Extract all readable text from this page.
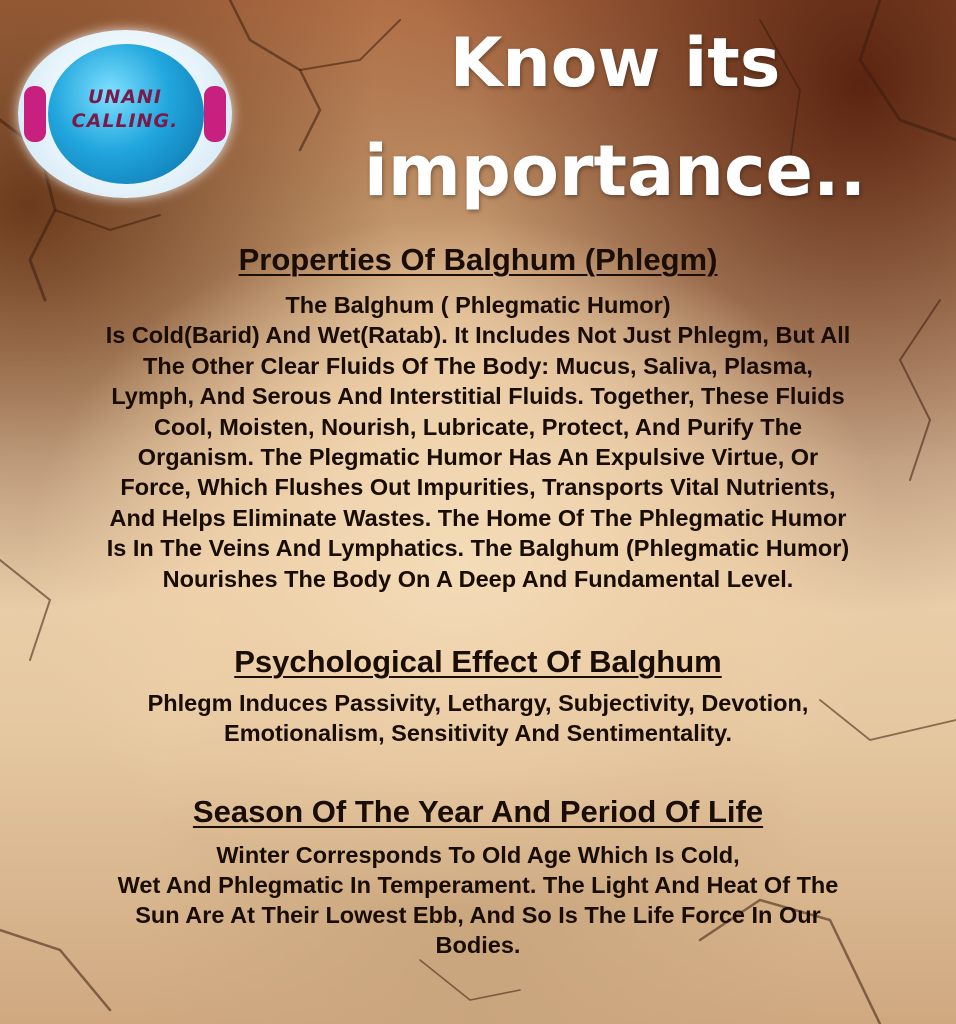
UNANI
CALLING.
Know its
importance..
Properties Of Balghum (Phlegm)
The Balghum ( Phlegmatic Humor)
Is Cold(Barid) And Wet(Ratab). It Includes Not Just Phlegm, But All
The Other Clear Fluids Of The Body: Mucus, Saliva, Plasma,
Lymph, And Serous And Interstitial Fluids. Together, These Fluids
Cool, Moisten, Nourish, Lubricate, Protect, And Purify The
Organism. The Plegmatic Humor Has An Expulsive Virtue, Or
Force, Which Flushes Out Impurities, Transports Vital Nutrients,
And Helps Eliminate Wastes. The Home Of The Phlegmatic Humor
Is In The Veins And Lymphatics. The Balghum (Phlegmatic Humor)
Nourishes The Body On A Deep And Fundamental Level.
Psychological Effect Of Balghum
Phlegm Induces Passivity, Lethargy, Subjectivity, Devotion,
Emotionalism, Sensitivity And Sentimentality.
Season Of The Year And Period Of Life
Winter Corresponds To Old Age Which Is Cold,
Wet And Phlegmatic In Temperament. The Light And Heat Of The
Sun Are At Their Lowest Ebb, And So Is The Life Force In Our
Bodies.
